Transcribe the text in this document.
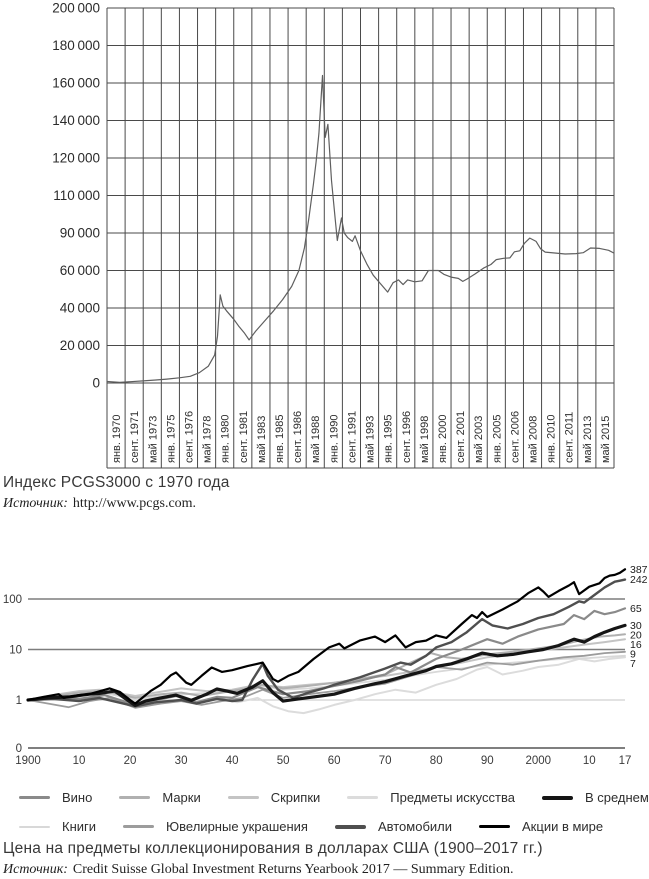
200 000
180 000
160 000
140 000
120 000
110 000
90 000
60 000
40 000
20 000
0
янв. 1970 сент. 1971 май 1973 янв. 1975 сент. 1976 май 1978 янв. 1980 сент. 1981 май 1983 янв. 1985 сент. 1986 май 1988 янв. 1990 сент. 1991 май 1993 янв. 1995 сент. 1996 май 1998 янв. 2000 сент. 2001 май 2003 янв. 2005 сент. 2006 май 2008 янв. 2010 сент. 2011 май 2013 май 2015
Индекс PCGS3000 с 1970 года
Источник: http://www.pcgs.com.
100
10
1
0
1900	10	20	30	40	50	60	70	80	90	2000	10 17
387
242
65
30
20
16
9
7
Вино	Марки	Скрипки	Предметы искусства	В среднем
Книги	Ювелирные украшения	Автомобили	Акции в мире
Цена на предметы коллекционирования в долларах США (1900–2017 гг.)
Источник: Credit Suisse Global Investment Returns Yearbook 2017 — Summary Edition.
